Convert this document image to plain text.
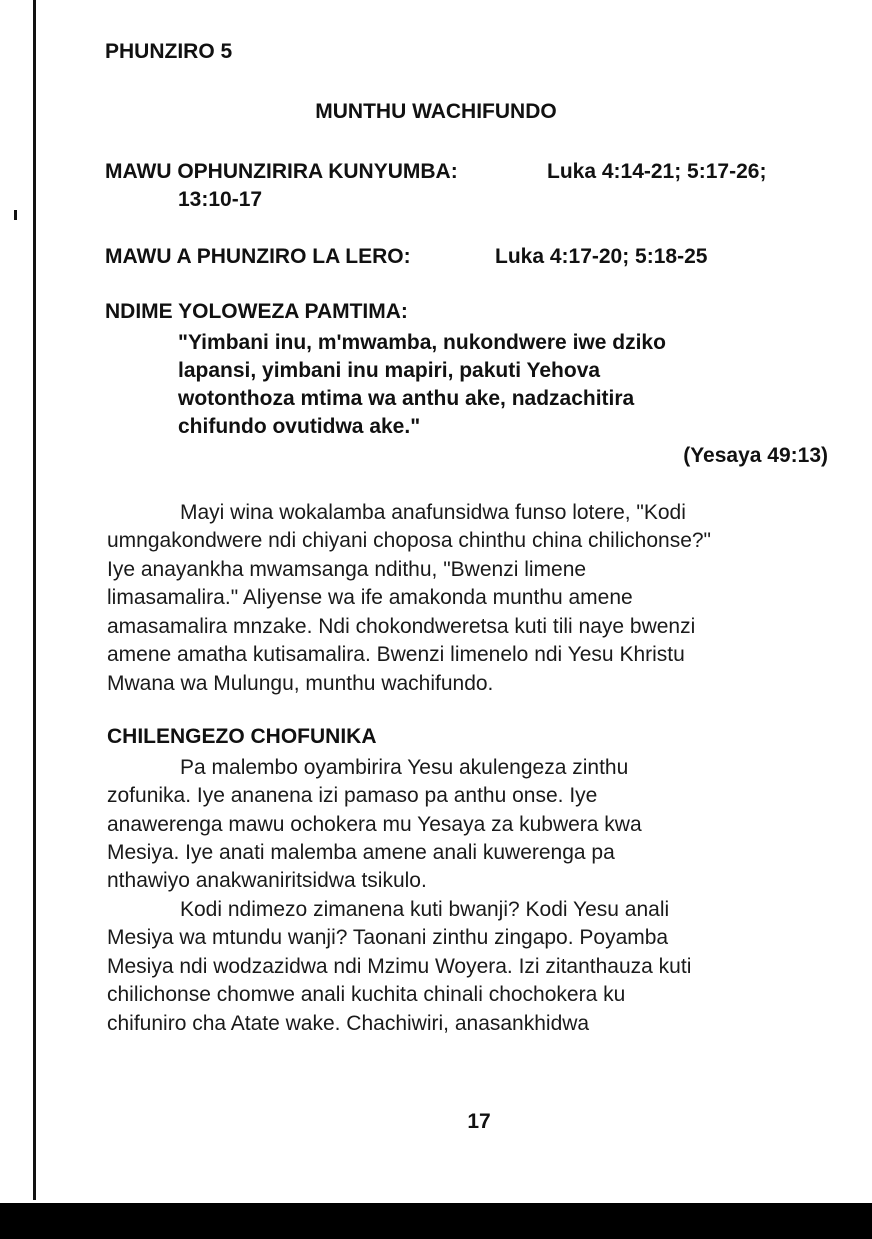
PHUNZIRO 5
MUNTHU WACHIFUNDO
MAWU OPHUNZIRIRA KUNYUMBA:	Luka 4:14-21; 5:17-26;
13:10-17
MAWU A PHUNZIRO LA LERO:	Luka 4:17-20; 5:18-25
NDIME YOLOWEZA PAMTIMA:
"Yimbani inu, m'mwamba, nukondwere iwe dziko
lapansi, yimbani inu mapiri, pakuti Yehova
wotonthoza mtima wa anthu ake, nadzachitira
chifundo ovutidwa ake."
(Yesaya 49:13)
Mayi wina wokalamba anafunsidwa funso lotere, "Kodi
umngakondwere ndi chiyani choposa chinthu china chilichonse?"
Iye anayankha mwamsanga ndithu, "Bwenzi limene
limasamalira." Aliyense wa ife amakonda munthu amene
amasamalira mnzake. Ndi chokondweretsa kuti tili naye bwenzi
amene amatha kutisamalira. Bwenzi limenelo ndi Yesu Khristu
Mwana wa Mulungu, munthu wachifundo.
CHILENGEZO CHOFUNIKA
Pa malembo oyambirira Yesu akulengeza zinthu
zofunika. Iye ananena izi pamaso pa anthu onse. Iye
anawerenga mawu ochokera mu Yesaya za kubwera kwa
Mesiya. Iye anati malemba amene anali kuwerenga pa
nthawiyo anakwaniritsidwa tsikulo.
Kodi ndimezo zimanena kuti bwanji? Kodi Yesu anali
Mesiya wa mtundu wanji? Taonani zinthu zingapo. Poyamba
Mesiya ndi wodzazidwa ndi Mzimu Woyera. Izi zitanthauza kuti
chilichonse chomwe anali kuchita chinali chochokera ku
chifuniro cha Atate wake. Chachiwiri, anasankhidwa
17
